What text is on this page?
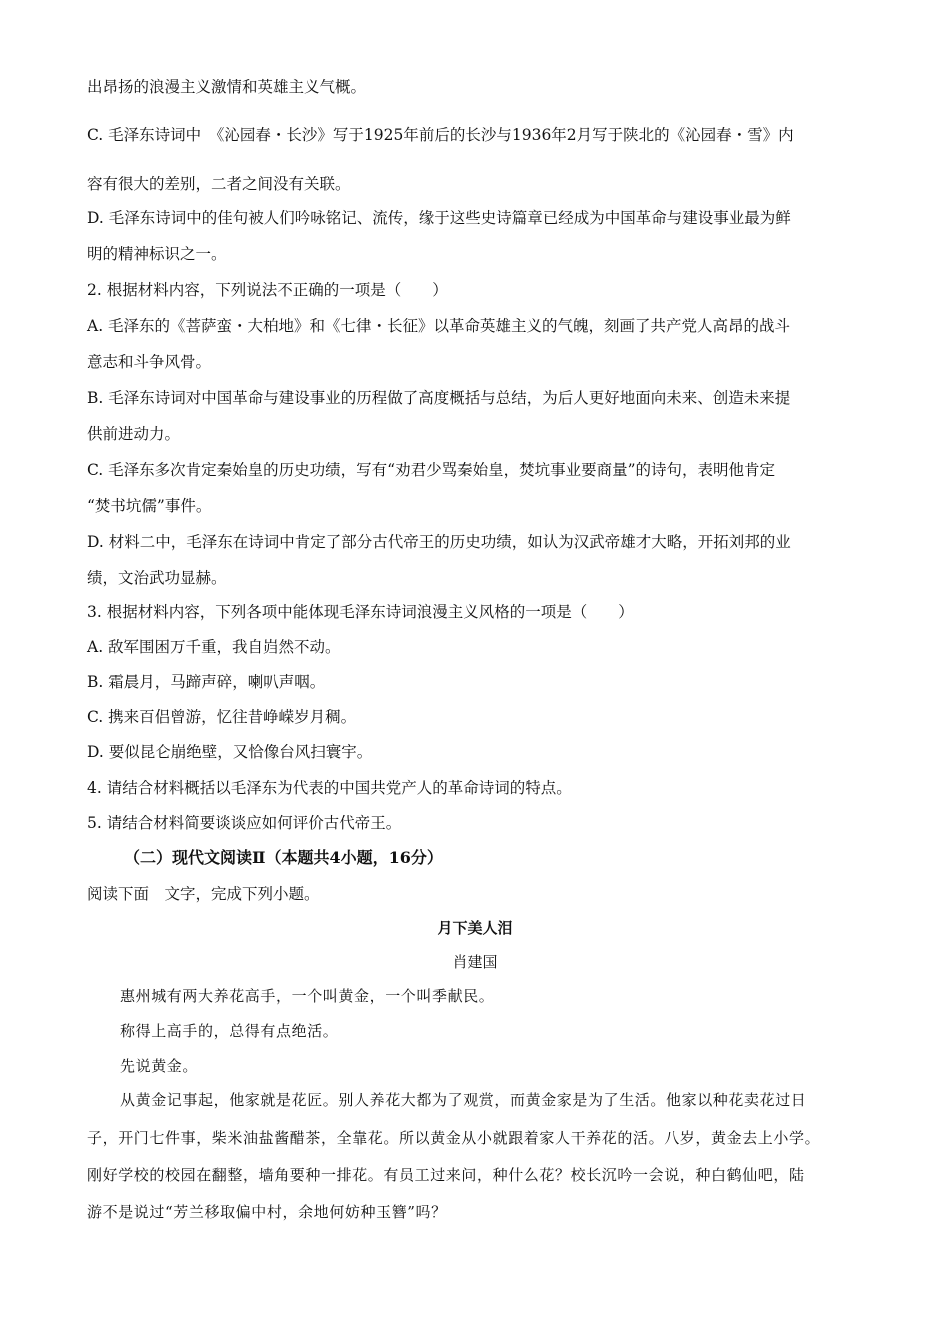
出昂扬的浪漫主义激情和英雄主义气概。
C. 毛泽东诗词中　《沁园春・长沙》写于1925年前后的长沙与1936年2月写于陕北的《沁园春・雪》内
容有很大的差别，二者之间没有关联。
D. 毛泽东诗词中的佳句被人们吟咏铭记、流传，缘于这些史诗篇章已经成为中国革命与建设事业最为鲜
明的精神标识之一。
2. 根据材料内容，下列说法不正确的一项是（　　）
A. 毛泽东的《菩萨蛮・大柏地》和《七律・长征》以革命英雄主义的气魄，刻画了共产党人高昂的战斗
意志和斗争风骨。
B. 毛泽东诗词对中国革命与建设事业的历程做了高度概括与总结，为后人更好地面向未来、创造未来提
供前进动力。
C. 毛泽东多次肯定秦始皇的历史功绩，写有“劝君少骂秦始皇，焚坑事业要商量”的诗句，表明他肯定
“焚书坑儒”事件。
D. 材料二中，毛泽东在诗词中肯定了部分古代帝王的历史功绩，如认为汉武帝雄才大略，开拓刘邦的业
绩，文治武功显赫。
3. 根据材料内容，下列各项中能体现毛泽东诗词浪漫主义风格的一项是（　　）
A. 敌军围困万千重，我自岿然不动。
B. 霜晨月，马蹄声碎，喇叭声咽。
C. 携来百侣曾游，忆往昔峥嵘岁月稠。
D. 要似昆仑崩绝壁，又恰像台风扫寰宇。
4. 请结合材料概括以毛泽东为代表的中国共党产人的革命诗词的特点。
5. 请结合材料简要谈谈应如何评价古代帝王。
（二）现代文阅读Ⅱ（本题共4小题，16分）
阅读下面　文字，完成下列小题。
月下美人泪
肖建国
惠州城有两大养花高手，一个叫黄金，一个叫季献民。
称得上高手的，总得有点绝活。
先说黄金。
从黄金记事起，他家就是花匠。别人养花大都为了观赏，而黄金家是为了生活。他家以种花卖花过日
子，开门七件事，柴米油盐酱醋茶，全靠花。所以黄金从小就跟着家人干养花的活。八岁，黄金去上小学。
刚好学校的校园在翻整，墙角要种一排花。有员工过来问，种什么花？校长沉吟一会说，种白鹤仙吧，陆
游不是说过“芳兰移取偏中村，余地何妨种玉簪”吗？
